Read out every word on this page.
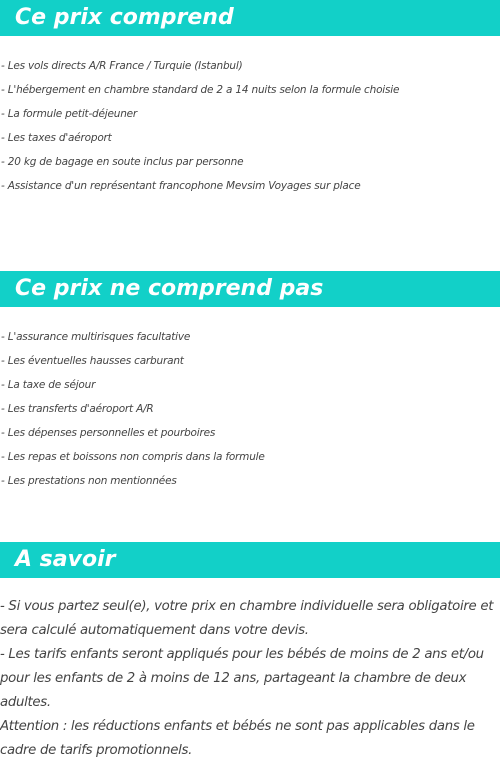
Ce prix comprend
- Les vols directs A/R France / Turquie (Istanbul)
- L'hébergement en chambre standard de 2 a 14 nuits selon la formule choisie
- La formule petit-déjeuner
- Les taxes d'aéroport
- 20 kg de bagage en soute inclus par personne
- Assistance d'un représentant francophone Mevsim Voyages sur place
Ce prix ne comprend pas
- L'assurance multirisques facultative
- Les éventuelles hausses carburant
- La taxe de séjour
- Les transferts d'aéroport A/R
- Les dépenses personnelles et pourboires
- Les repas et boissons non compris dans la formule
- Les prestations non mentionnées
A savoir

- Si vous partez seul(e), votre prix en chambre individuelle sera obligatoire et sera calculé automatiquement dans votre devis.

- Les tarifs enfants seront appliqués pour les bébés de moins de 2 ans et/ou pour les enfants de 2 à moins de 12 ans, partageant la chambre de deux adultes.

Attention : les réductions enfants et bébés ne sont pas applicables dans le cadre de tarifs promotionnels.
